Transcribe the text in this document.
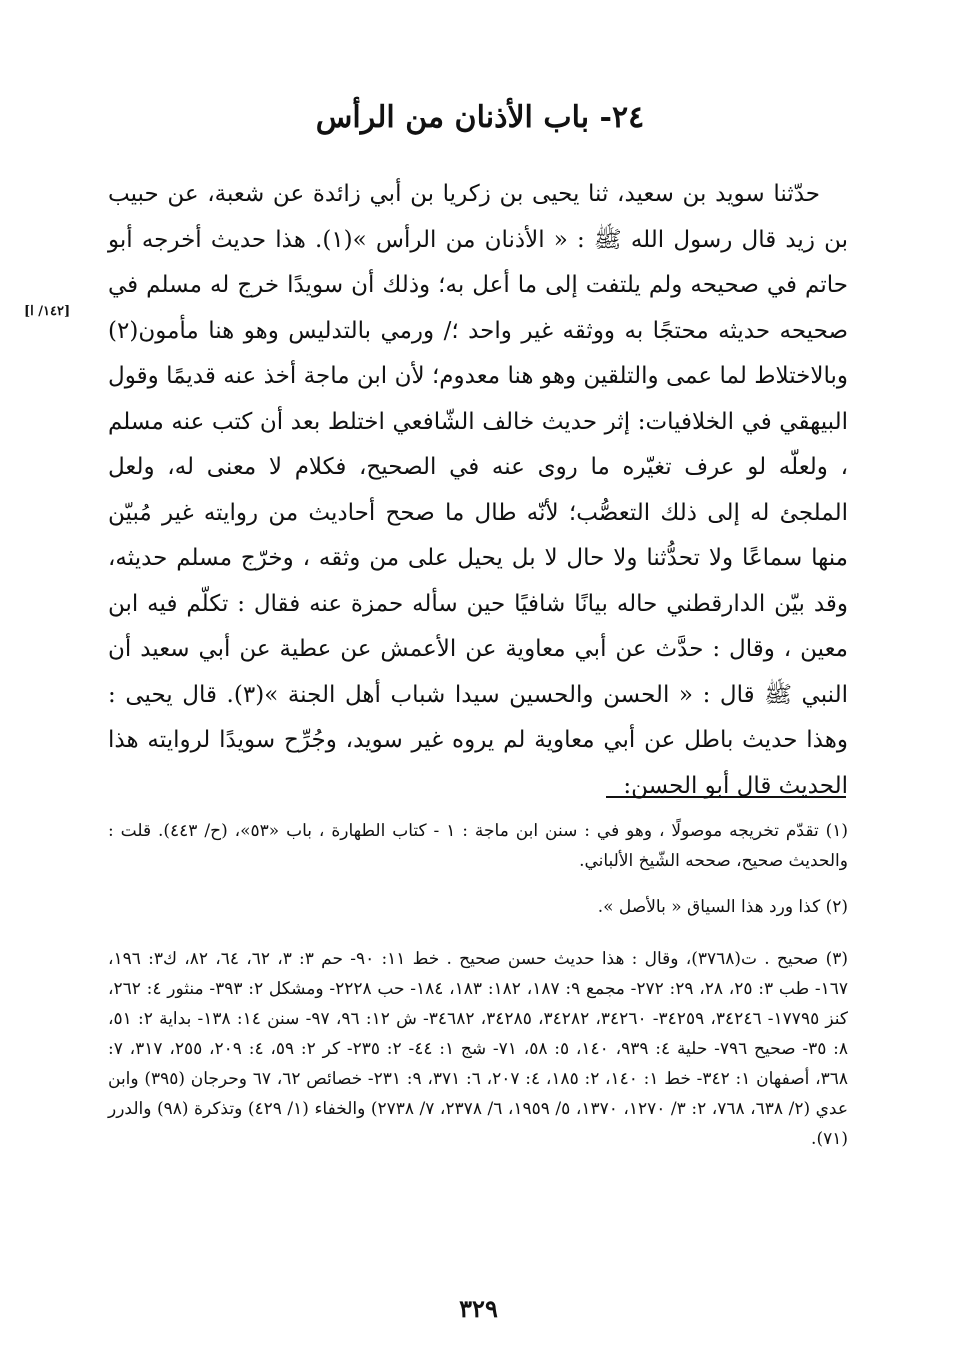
٢٤- باب الأذنان من الرأس
[١٤٢/ ا]

حدّثنا سويد بن سعيد، ثنا يحيى بن زكريا بن أبي زائدة عن شعبة، عن حبيب بن زيد قال رسول الله ﷺ : « الأذنان من الرأس »(١). هذا حديث أخرجه أبو حاتم في صحيحه ولم يلتفت إلى ما أعل به؛ وذلك أن سويدًا خرج له مسلم في صحيحه حديثه محتجًا به ووثقه غير واحد ؛/ ورمي بالتدليس وهو هنا مأمون(٢) وبالاختلاط لما عمى والتلقين وهو هنا معدوم؛ لأن ابن ماجة أخذ عنه قديمًا وقول البيهقي في الخلافيات: إثر حديث خالف الشّافعي اختلط بعد أن كتب عنه مسلم ، ولعلّه لو عرف تغيّره ما روى عنه في الصحيح، فكلام لا معنى له، ولعل الملجئ له إلى ذلك التعصُّب؛ لأنّه طال ما صحح أحاديث من روايته غير مُبيّن منها سماعًا ولا تحدُّثنا ولا حال لا بل يحيل على من وثقه ، وخرّج مسلم حديثه، وقد بيّن الدارقطني حاله بيانًا شافيًا حين سأله حمزة عنه فقال : تكلّم فيه ابن معين ، وقال : حدَّث عن أبي معاوية عن الأعمش عن عطية عن أبي سعيد أن النبي ﷺ قال : « الحسن والحسين سيدا شباب أهل الجنة »(٣). قال يحيى : وهذا حديث باطل عن أبي معاوية لم يروه غير سويد، وجُرِّح سويدًا لروايته هذا الحديث قال أبو الحسن:

(١) تقدّم تخريجه موصولًا ، وهو في : سنن ابن ماجة : ١ - كتاب الطهارة ، باب «٥٣»، (ح/ ٤٤٣). قلت : والحديث صحيح، صححه الشّيخ الألباني.

(٢) كذا ورد هذا السياق « بالأصل ».

(٣) صحيح . ت(٣٧٦٨)، وقال : هذا حديث حسن صحيح . خط ١١: ٩٠- حم ٣: ٣، ٦٢، ٦٤، ٨٢، ك٣: ١٩٦، ١٦٧- طب ٣: ٢٥، ٢٨، ٢٩: ٢٧٢- مجمع ٩: ١٨٧، ١٨٢: ١٨٣، ١٨٤- حب ٢٢٢٨- ومشكل ٢: ٣٩٣- منثور ٤: ٢٦٢، كنز ١٧٧٩٥- ٣٤٢٤٦، ٣٤٢٥٩- ٣٤٢٦٠، ٣٤٢٨٢، ٣٤٢٨٥، ٣٤٦٨٢- ش ١٢: ٩٦، ٩٧- سنن ١٤: ١٣٨- بداية ٢: ٥١، ٨: ٣٥- صحيح ٧٩٦- حلية ٤: ٩٣٩، ١٤٠، ٥: ٥٨، ٧١- شج ١: ٤٤- ٢: ٢٣٥- كر ٢: ٥٩، ٤: ٢٠٩، ٢٥٥، ٣١٧، ٧: ٣٦٨، أصفهان ١: ٣٤٢- خط ١: ١٤٠، ٢: ١٨٥، ٤: ٢٠٧، ٦: ٣٧١، ٩: ٢٣١- خصائص ٦٢، ٦٧ وحرجان (٣٩٥) وابن عدي (٢/ ٦٣٨، ٧٦٨، ٢: ٣/ ١٢٧٠، ١٣٧٠، ٥/ ١٩٥٩، ٦/ ٢٣٧٨، ٧/ ٢٧٣٨) والخفاء (١/ ٤٢٩) وتذكرة (٩٨) والدرر (٧١).

٣٢٩
